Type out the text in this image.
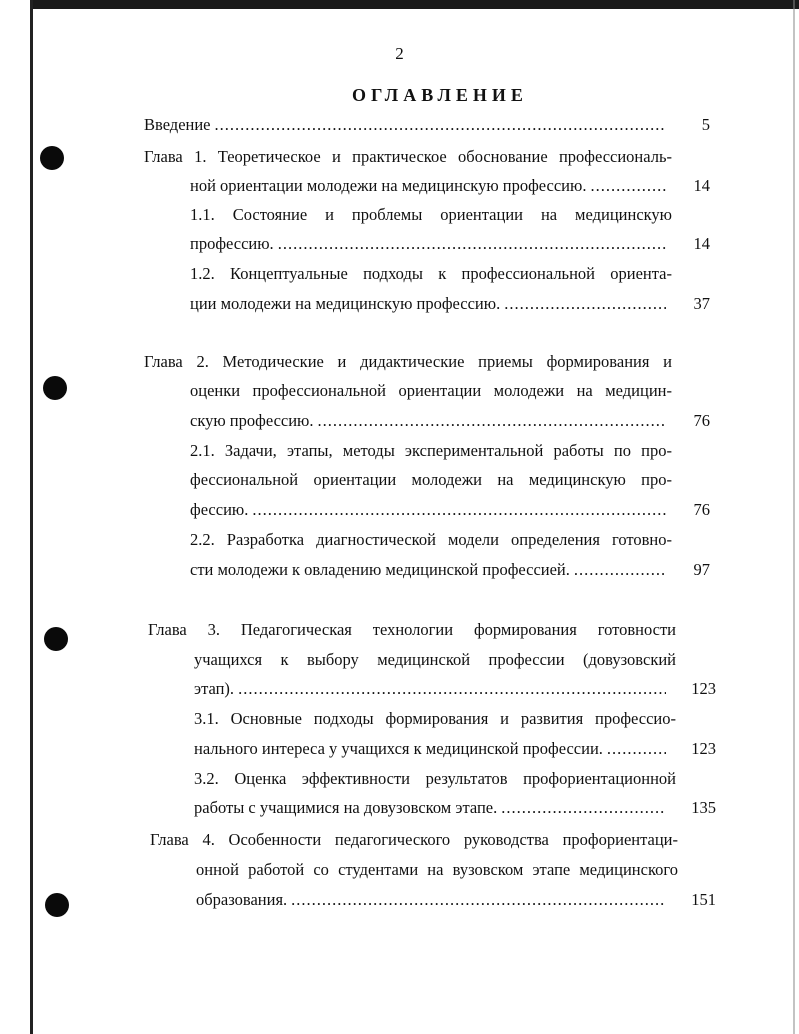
2
ОГЛАВЛЕНИЕ
Введение .....	5
Глава 1. Теоретическое и практическое обоснование профессиональ-
ной ориентации молодежи на медицинскую профессию. .....	14
1.1. Состояние и проблемы ориентации на медицинскую
профессию. .....	14
1.2. Концептуальные подходы к профессиональной ориента-
ции молодежи на медицинскую профессию. .....	37
Глава 2. Методические и дидактические приемы формирования и
оценки профессиональной ориентации молодежи на медицин-
скую профессию. .....	76
2.1. Задачи, этапы, методы экспериментальной работы по про-
фессиональной ориентации молодежи на медицинскую про-
фессию. .....	76
2.2. Разработка диагностической модели определения готовно-
сти молодежи к овладению медицинской профессией. .....	97
Глава 3. Педагогическая технологии формирования готовности
учащихся к выбору медицинской профессии (довузовский
этап). .....	123
3.1. Основные подходы формирования и развития профессио-
нального интереса у учащихся к медицинской профессии. .....	123
3.2. Оценка эффективности результатов профориентационной
работы с учащимися на довузовском этапе. .....	135
Глава 4. Особенности педагогического руководства профориентаци-
онной работой со студентами на вузовском этапе медицинского
образования. .....	151
